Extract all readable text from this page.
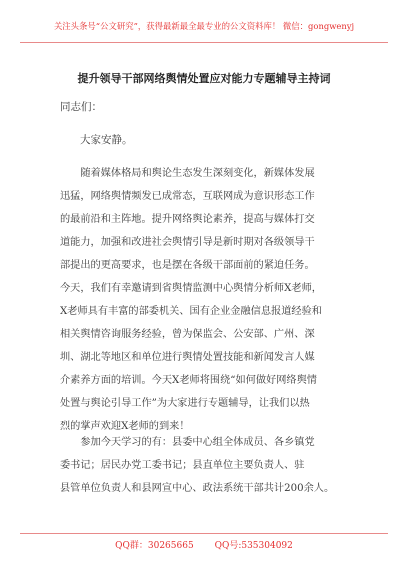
关注头条号“公文研究”，获得最新最全最专业的公文资料库！ 微信：gongwenyj
提升领导干部网络舆情处置应对能力专题辅导主持词
同志们：
大家安静。
　　随着媒体格局和舆论生态发生深刻变化，新媒体发展
迅猛，网络舆情频发已成常态，互联网成为意识形态工作
的最前沿和主阵地。提升网络舆论素养，提高与媒体打交
道能力，加强和改进社会舆情引导是新时期对各级领导干
部提出的更高要求，也是摆在各级干部面前的紧迫任务。
今天，我们有幸邀请到省舆情监测中心舆情分析师X老师，
X老师具有丰富的部委机关、国有企业金融信息报道经验和
相关舆情咨询服务经验，曾为保监会、公安部、广州、深
圳、湖北等地区和单位进行舆情处置技能和新闻发言人媒
介素养方面的培训。今天X老师将围绕“如何做好网络舆情
处置与舆论引导工作”为大家进行专题辅导，让我们以热
烈的掌声欢迎X老师的到来！
　　参加今天学习的有：县委中心组全体成员、各乡镇党
委书记；居民办党工委书记；县直单位主要负责人、驻
县管单位负责人和县网宣中心、政法系统干部共计200余人。
QQ群：30265665 QQ号:535304092
